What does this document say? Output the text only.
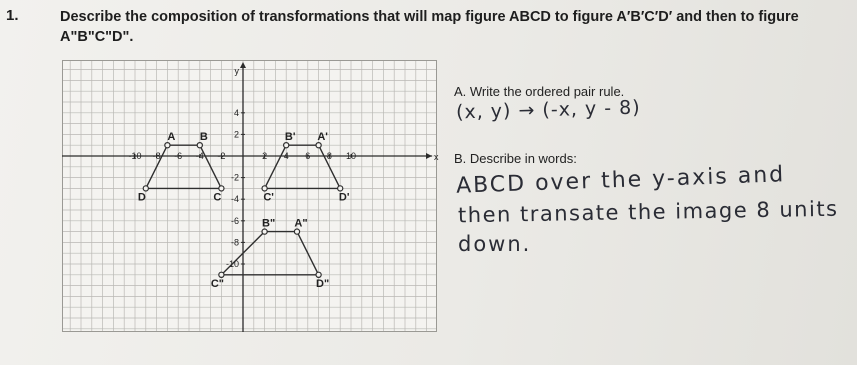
1.	Describe the composition of transformations that will map figure ABCD to figure A′B′C′D′ and then to figure
A"B"C"D".
x
y
-10 -8 -6 -4 -2	2 4 6 8 10
4
2
-2
-4
-6
-8
-10
A B
C
D
A'
B'
C'	D'
A"
B"
C"	D"
A. Write the ordered pair rule.
(x, y) → (-x, y - 8)
B. Describe in words:
ABCD over the y-axis and
then transate the image 8 units
down.
